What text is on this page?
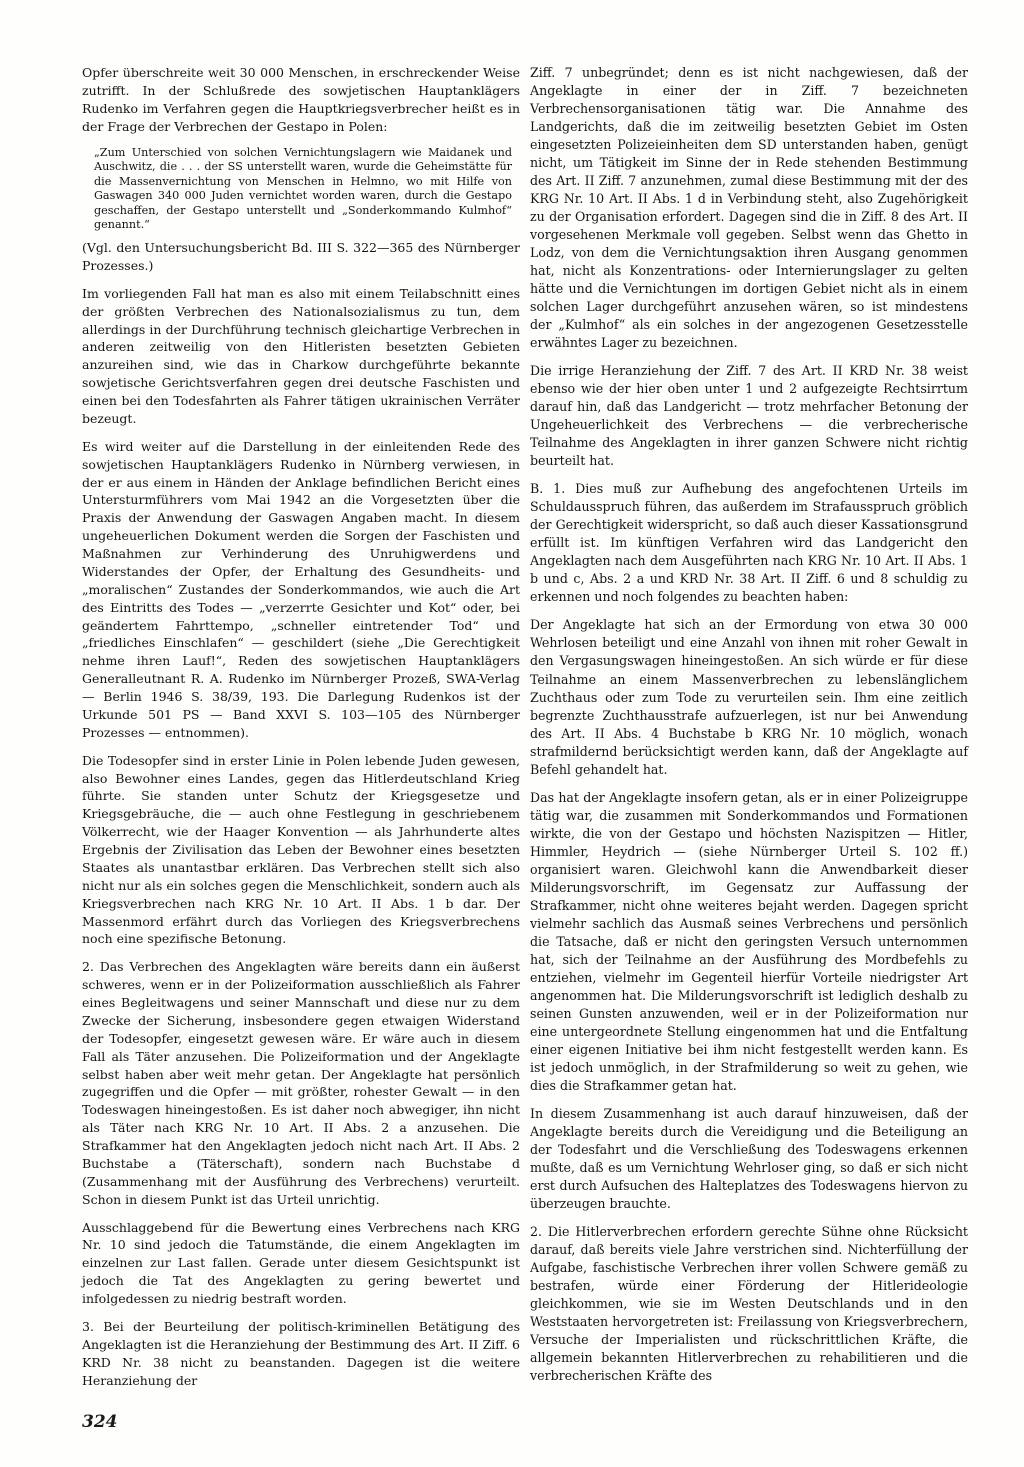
Opfer überschreite weit 30 000 Menschen, in erschreckender Weise zutrifft. In der Schlußrede des sowjetischen Hauptanklägers Rudenko im Verfahren gegen die Hauptkriegsverbrecher heißt es in der Frage der Verbrechen der Gestapo in Polen:

„Zum Unterschied von solchen Vernichtungslagern wie Maidanek und Auschwitz, die . . . der SS unterstellt waren, wurde die Geheimstätte für die Massenvernichtung von Menschen in Helmno, wo mit Hilfe von Gaswagen 340 000 Juden vernichtet worden waren, durch die Gestapo geschaffen, der Gestapo unterstellt und „Sonderkommando Kulmhof“ genannt.“

(Vgl. den Untersuchungsbericht Bd. III S. 322—365 des Nürnberger Prozesses.)

Im vorliegenden Fall hat man es also mit einem Teilabschnitt eines der größten Verbrechen des Nationalsozialismus zu tun, dem allerdings in der Durchführung technisch gleichartige Verbrechen in anderen zeitweilig von den Hitleristen besetzten Gebieten anzureihen sind, wie das in Charkow durchgeführte bekannte sowjetische Gerichtsverfahren gegen drei deutsche Faschisten und einen bei den Todesfahrten als Fahrer tätigen ukrainischen Verräter bezeugt.

Es wird weiter auf die Darstellung in der einleitenden Rede des sowjetischen Hauptanklägers Rudenko in Nürnberg verwiesen, in der er aus einem in Händen der Anklage befindlichen Bericht eines Untersturmführers vom Mai 1942 an die Vorgesetzten über die Praxis der Anwendung der Gaswagen Angaben macht. In diesem ungeheuerlichen Dokument werden die Sorgen der Faschisten und Maßnahmen zur Verhinderung des Unruhigwerdens und Widerstandes der Opfer, der Erhaltung des Gesundheits- und „moralischen“ Zustandes der Sonderkommandos, wie auch die Art des Eintritts des Todes — „verzerrte Gesichter und Kot“ oder, bei geändertem Fahrttempo, „schneller eintretender Tod“ und „friedliches Einschlafen“ — geschildert (siehe „Die Gerechtigkeit nehme ihren Lauf!“, Reden des sowjetischen Hauptanklägers Generalleutnant R. A. Rudenko im Nürnberger Prozeß, SWA-Verlag — Berlin 1946 S. 38/39, 193. Die Darlegung Rudenkos ist der Urkunde 501 PS — Band XXVI S. 103—105 des Nürnberger Prozesses — entnommen).

Die Todesopfer sind in erster Linie in Polen lebende Juden gewesen, also Bewohner eines Landes, gegen das Hitlerdeutschland Krieg führte. Sie standen unter Schutz der Kriegsgesetze und Kriegsgebräuche, die — auch ohne Festlegung in geschriebenem Völkerrecht, wie der Haager Konvention — als Jahrhunderte altes Ergebnis der Zivilisation das Leben der Bewohner eines besetzten Staates als unantastbar erklären. Das Verbrechen stellt sich also nicht nur als ein solches gegen die Menschlichkeit, sondern auch als Kriegsverbrechen nach KRG Nr. 10 Art. II Abs. 1 b dar. Der Massenmord erfährt durch das Vorliegen des Kriegsverbrechens noch eine spezifische Betonung.

2. Das Verbrechen des Angeklagten wäre bereits dann ein äußerst schweres, wenn er in der Polizeiformation ausschließlich als Fahrer eines Begleitwagens und seiner Mannschaft und diese nur zu dem Zwecke der Sicherung, insbesondere gegen etwaigen Widerstand der Todesopfer, eingesetzt gewesen wäre. Er wäre auch in diesem Fall als Täter anzusehen. Die Polizeiformation und der Angeklagte selbst haben aber weit mehr getan. Der Angeklagte hat persönlich zugegriffen und die Opfer — mit größter, rohester Gewalt — in den Todeswagen hineingestoßen. Es ist daher noch abwegiger, ihn nicht als Täter nach KRG Nr. 10 Art. II Abs. 2 a anzusehen. Die Strafkammer hat den Angeklagten jedoch nicht nach Art. II Abs. 2 Buchstabe a (Täterschaft), sondern nach Buchstabe d (Zusammenhang mit der Ausführung des Verbrechens) verurteilt. Schon in diesem Punkt ist das Urteil unrichtig.

Ausschlaggebend für die Bewertung eines Verbrechens nach KRG Nr. 10 sind jedoch die Tatumstände, die einem Angeklagten im einzelnen zur Last fallen. Gerade unter diesem Gesichtspunkt ist jedoch die Tat des Angeklagten zu gering bewertet und infolgedessen zu niedrig bestraft worden.

3. Bei der Beurteilung der politisch-kriminellen Betätigung des Angeklagten ist die Heranziehung der Bestimmung des Art. II Ziff. 6 KRD Nr. 38 nicht zu beanstanden. Dagegen ist die weitere Heranziehung der

Ziff. 7 unbegründet; denn es ist nicht nachgewiesen, daß der Angeklagte in einer der in Ziff. 7 bezeichneten Verbrechensorganisationen tätig war. Die Annahme des Landgerichts, daß die im zeitweilig besetzten Gebiet im Osten eingesetzten Polizeieinheiten dem SD unterstanden haben, genügt nicht, um Tätigkeit im Sinne der in Rede stehenden Bestimmung des Art. II Ziff. 7 anzunehmen, zumal diese Bestimmung mit der des KRG Nr. 10 Art. II Abs. 1 d in Verbindung steht, also Zugehörigkeit zu der Organisation erfordert. Dagegen sind die in Ziff. 8 des Art. II vorgesehenen Merkmale voll gegeben. Selbst wenn das Ghetto in Lodz, von dem die Vernichtungsaktion ihren Ausgang genommen hat, nicht als Konzentrations- oder Internierungslager zu gelten hätte und die Vernichtungen im dortigen Gebiet nicht als in einem solchen Lager durchgeführt anzusehen wären, so ist mindestens der „Kulmhof“ als ein solches in der angezogenen Gesetzesstelle erwähntes Lager zu bezeichnen.

Die irrige Heranziehung der Ziff. 7 des Art. II KRD Nr. 38 weist ebenso wie der hier oben unter 1 und 2 aufgezeigte Rechtsirrtum darauf hin, daß das Landgericht — trotz mehrfacher Betonung der Ungeheuerlichkeit des Verbrechens — die verbrecherische Teilnahme des Angeklagten in ihrer ganzen Schwere nicht richtig beurteilt hat.

B. 1. Dies muß zur Aufhebung des angefochtenen Urteils im Schuldausspruch führen, das außerdem im Strafausspruch gröblich der Gerechtigkeit widerspricht, so daß auch dieser Kassationsgrund erfüllt ist. Im künftigen Verfahren wird das Landgericht den Angeklagten nach dem Ausgeführten nach KRG Nr. 10 Art. II Abs. 1 b und c, Abs. 2 a und KRD Nr. 38 Art. II Ziff. 6 und 8 schuldig zu erkennen und noch folgendes zu beachten haben:

Der Angeklagte hat sich an der Ermordung von etwa 30 000 Wehrlosen beteiligt und eine Anzahl von ihnen mit roher Gewalt in den Vergasungswagen hineingestoßen. An sich würde er für diese Teilnahme an einem Massenverbrechen zu lebenslänglichem Zuchthaus oder zum Tode zu verurteilen sein. Ihm eine zeitlich begrenzte Zuchthausstrafe aufzuerlegen, ist nur bei Anwendung des Art. II Abs. 4 Buchstabe b KRG Nr. 10 möglich, wonach strafmildernd berücksichtigt werden kann, daß der Angeklagte auf Befehl gehandelt hat.

Das hat der Angeklagte insofern getan, als er in einer Polizeigruppe tätig war, die zusammen mit Sonderkommandos und Formationen wirkte, die von der Gestapo und höchsten Nazispitzen — Hitler, Himmler, Heydrich — (siehe Nürnberger Urteil S. 102 ff.) organisiert waren. Gleichwohl kann die Anwendbarkeit dieser Milderungsvorschrift, im Gegensatz zur Auffassung der Strafkammer, nicht ohne weiteres bejaht werden. Dagegen spricht vielmehr sachlich das Ausmaß seines Verbrechens und persönlich die Tatsache, daß er nicht den geringsten Versuch unternommen hat, sich der Teilnahme an der Ausführung des Mordbefehls zu entziehen, vielmehr im Gegenteil hierfür Vorteile niedrigster Art angenommen hat. Die Milderungsvorschrift ist lediglich deshalb zu seinen Gunsten anzuwenden, weil er in der Polizeiformation nur eine untergeordnete Stellung eingenommen hat und die Entfaltung einer eigenen Initiative bei ihm nicht festgestellt werden kann. Es ist jedoch unmöglich, in der Strafmilderung so weit zu gehen, wie dies die Strafkammer getan hat.

In diesem Zusammenhang ist auch darauf hinzuweisen, daß der Angeklagte bereits durch die Vereidigung und die Beteiligung an der Todesfahrt und die Verschließung des Todeswagens erkennen mußte, daß es um Vernichtung Wehrloser ging, so daß er sich nicht erst durch Aufsuchen des Halteplatzes des Todeswagens hiervon zu überzeugen brauchte.

2. Die Hitlerverbrechen erfordern gerechte Sühne ohne Rücksicht darauf, daß bereits viele Jahre verstrichen sind. Nichterfüllung der Aufgabe, faschistische Verbrechen ihrer vollen Schwere gemäß zu bestrafen, würde einer Förderung der Hitlerideologie gleichkommen, wie sie im Westen Deutschlands und in den Weststaaten hervorgetreten ist: Freilassung von Kriegsverbrechern, Versuche der Imperialisten und rückschrittlichen Kräfte, die allgemein bekannten Hitlerverbrechen zu rehabilitieren und die verbrecherischen Kräfte des

324
